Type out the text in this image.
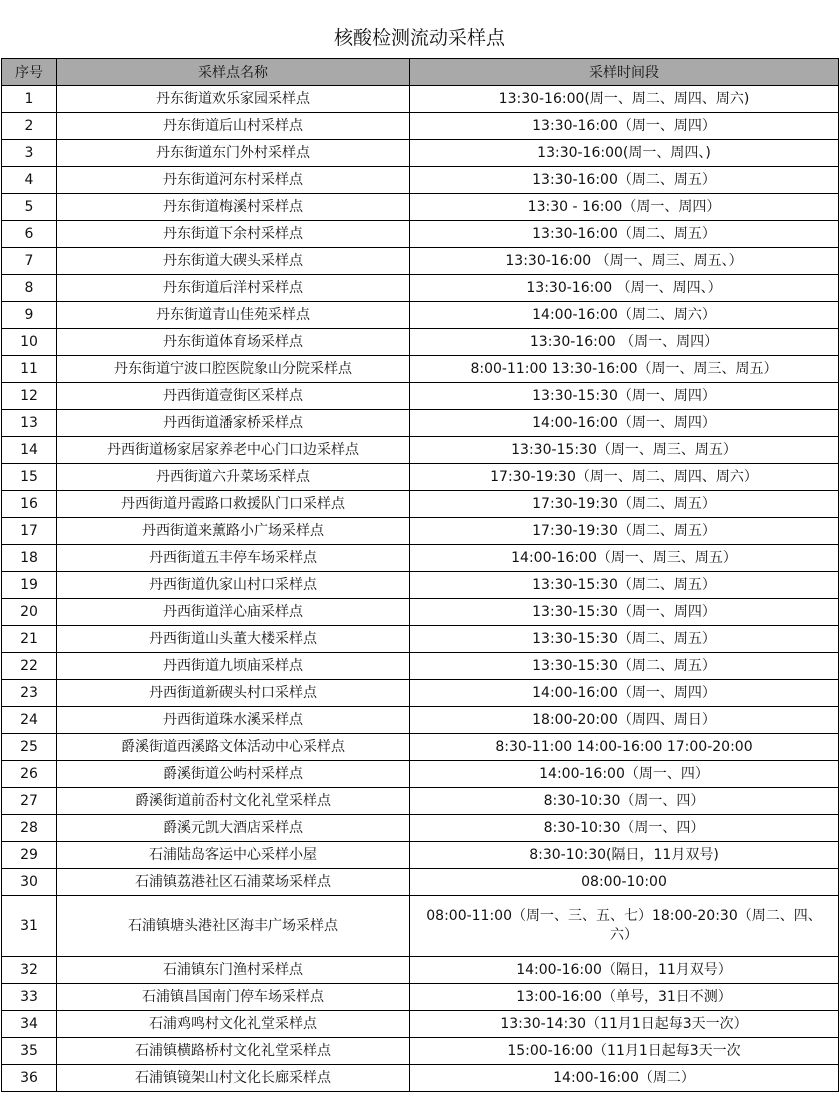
核酸检测流动采样点
序号	采样点名称	采样时间段
1	丹东街道欢乐家园采样点	13:30-16:00(周一、周二、周四、周六)
2	丹东街道后山村采样点	13:30-16:00（周一、周四）
3	丹东街道东门外村采样点	13:30-16:00(周一、周四、)
4	丹东街道河东村采样点	13:30-16:00（周二、周五）
5	丹东街道梅溪村采样点	13:30 - 16:00（周一、周四）
6	丹东街道下余村采样点	13:30-16:00（周二、周五）
7	丹东街道大碶头采样点	13:30-16:00 （周一、周三、周五、）
8	丹东街道后洋村采样点	13:30-16:00 （周一、周四、）
9	丹东街道青山佳苑采样点	14:00-16:00（周二、周六）
10	丹东街道体育场采样点	13:30-16:00 （周一、周四）
11	丹东街道宁波口腔医院象山分院采样点	8:00-11:00 13:30-16:00（周一、周三、周五）
12	丹西街道壹街区采样点	13:30-15:30（周一、周四）
13	丹西街道潘家桥采样点	14:00-16:00（周一、周四）
14	丹西街道杨家居家养老中心门口边采样点	13:30-15:30（周一、周三、周五）
15	丹西街道六升菜场采样点	17:30-19:30（周一、周二、周四、周六）
16	丹西街道丹霞路口救援队门口采样点	17:30-19:30（周二、周五）
17	丹西街道来薰路小广场采样点	17:30-19:30（周二、周五）
18	丹西街道五丰停车场采样点	14:00-16:00（周一、周三、周五）
19	丹西街道仇家山村口采样点	13:30-15:30（周二、周五）
20	丹西街道洋心庙采样点	13:30-15:30（周一、周四）
21	丹西街道山头董大楼采样点	13:30-15:30（周二、周五）
22	丹西街道九顷庙采样点	13:30-15:30（周二、周五）
23	丹西街道新碶头村口采样点	14:00-16:00（周一、周四）
24	丹西街道珠水溪采样点	18:00-20:00（周四、周日）
25	爵溪街道西溪路文体活动中心采样点	8:30-11:00 14:00-16:00 17:00-20:00
26	爵溪街道公屿村采样点	14:00-16:00（周一、四）
27	爵溪街道前岙村文化礼堂采样点	8:30-10:30（周一、四）
28	爵溪元凯大酒店采样点	8:30-10:30（周一、四）
29	石浦陆岛客运中心采样小屋	8:30-10:30(隔日，11月双号)
30	石浦镇荔港社区石浦菜场采样点	08:00-10:00
31	石浦镇塘头港社区海丰广场采样点	08:00-11:00（周一、三、五、七）18:00-20:30（周二、四、六）
32	石浦镇东门渔村采样点	14:00-16:00（隔日，11月双号）
33	石浦镇昌国南门停车场采样点	13:00-16:00（单号，31日不测）
34	石浦鸡鸣村文化礼堂采样点	13:30-14:30（11月1日起每3天一次）
35	石浦镇横路桥村文化礼堂采样点	15:00-16:00（11月1日起每3天一次
36	石浦镇镜架山村文化长廊采样点	14:00-16:00（周二）
